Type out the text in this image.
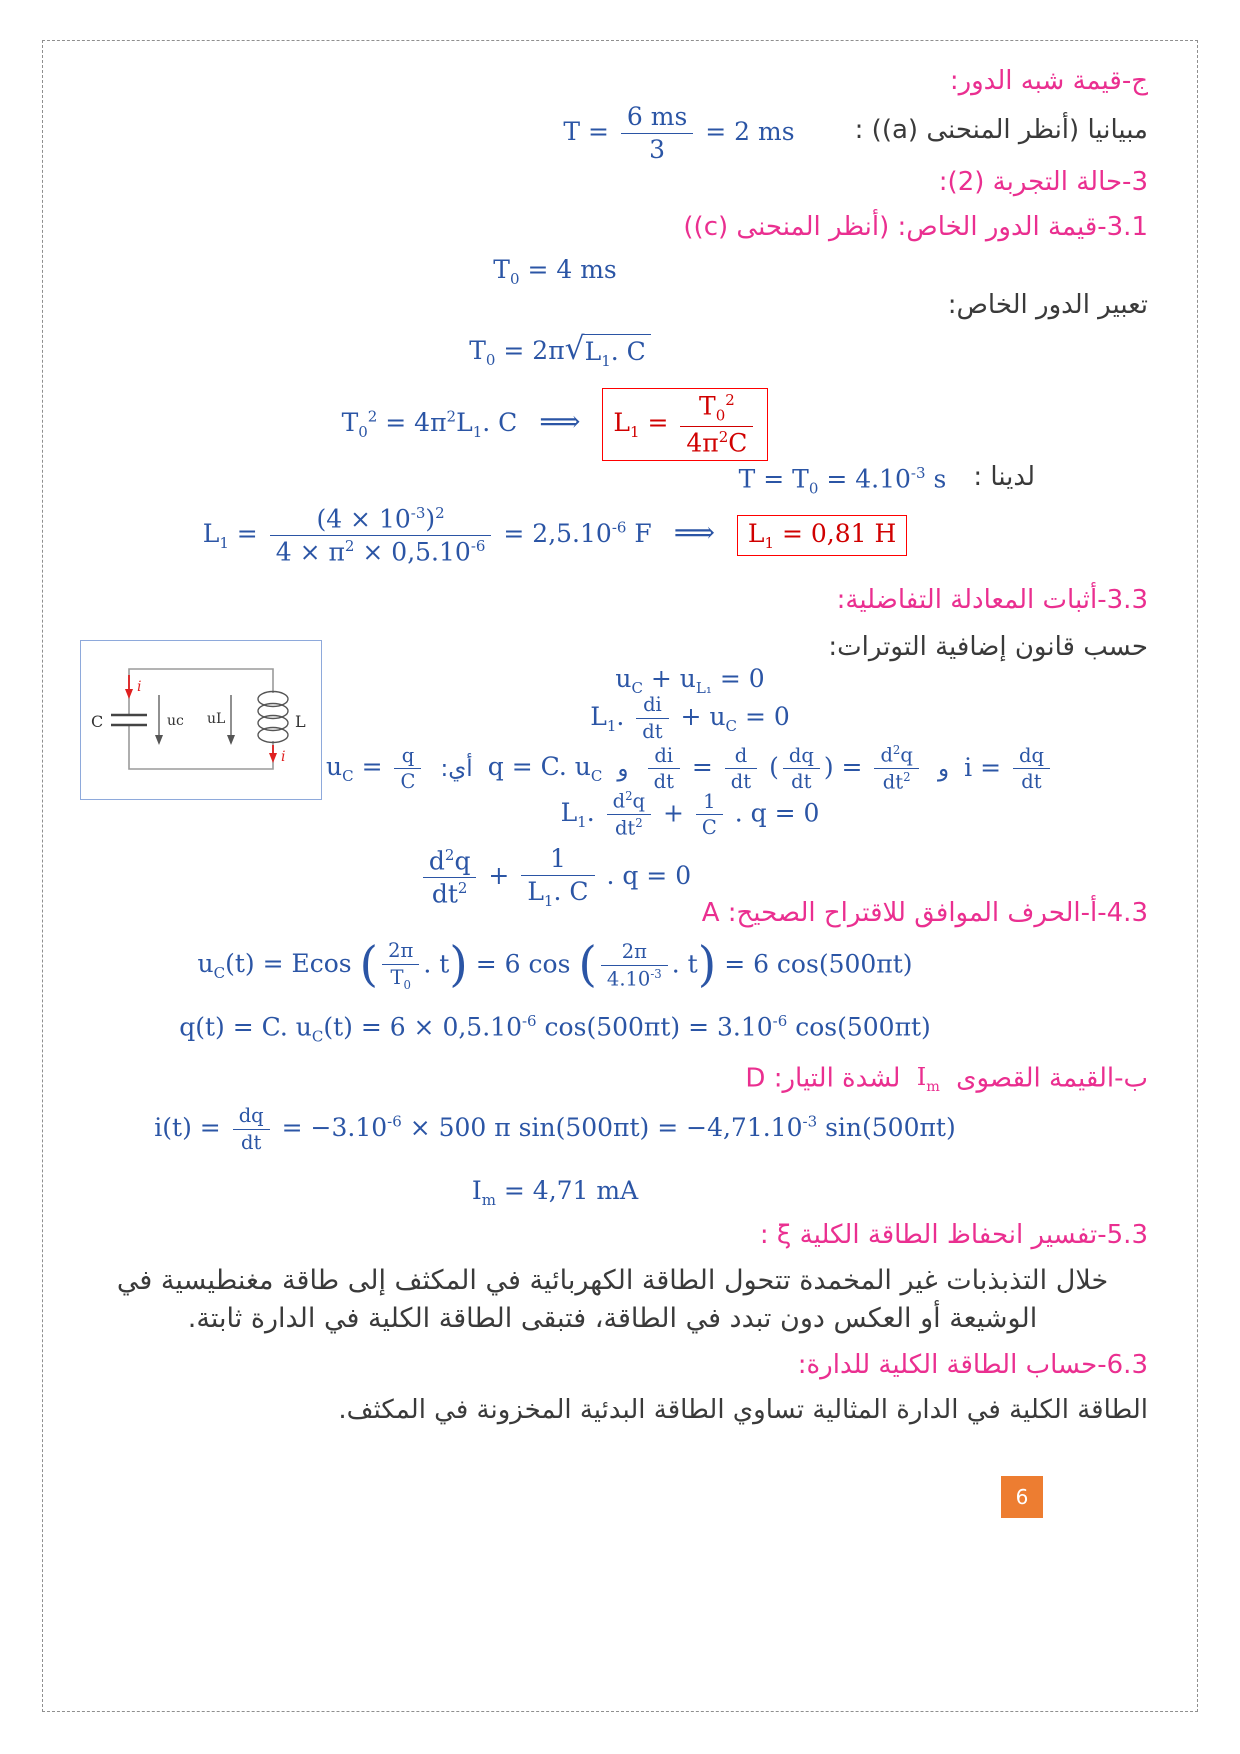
ج-قيمة شبه الدور:
مبيانيا (أنظر المنحنى (a)) : $T = \frac{6 ms}{3} = 2$ ms
3-حالة التجربة (2):
3.1-قيمة الدور الخاص: (أنظر المنحنى (c))
$T_0 = 4$ ms
تعبير الدور الخاص:
$T_0 = 2\pi$ √ $L_1$. C
$T_0^2 = 4\pi^2L_1$. C ⟹ $L_1 = \frac{T_0^2}{4\pi^2C}$
لدينا : $T = T_0 = 4.10^{-3}$ s
$L_1 = \frac{(4 \times 10^{-3})^2}{4 \times \pi^2 \times 0,5.10^{-6}} = 2,5.10^{-6}$ F ⟹ $L_1 = 0,81$ H
3.3-أثبات المعادلة التفاضلية:
حسب قانون إضافية التوترات:
C	uc uL	L
i
i
$u_C + u_{L_1} = 0$
$L_1$. $\frac{di}{dt} + u_C = 0$
$i = \frac{dq}{dt}$
و
$\frac{di}{dt} = \frac{d}{dt}$ ( $\frac{dq}{dt}$ ) = $\frac{d^2q}{dt^2}$
و q = C. $u_C$ أي: $u_C = \frac{q}{C}$
$L_1$. $\frac{d^2q}{dt^2} + \frac{1}{C}$ . q = 0
$\frac{d^2q}{dt^2} + \frac{1}{L_1. C}$ . q = 0
4.3-أ-الحرف الموافق للاقتراح الصحيح: A
$u_C(t) = Ecos$ ( $\frac{2\pi}{T_0}$ . t) = 6 cos ( $\frac{2\pi}{4.10^{-3}}$ . t) = 6 cos(500πt)
q(t) = C. $u_C(t) = 6 \times 0,5.10^{-6}$ $\cos(500\pi t) = 3.10^{-6}$ cos(500πt)
ب-القيمة القصوى $I_m$ لشدة التيار: D
$i(t) = \frac{dq}{dt} = -3.10^{-6} \times 500$ π $\sin(500\pi t) = -4,71.10^{-3}$ sin(500πt)
$I_m = 4,71$ mA
5.3-تفسير انحفاظ الطاقة الكلية ξ :
خلال التذبذبات غير المخمدة تتحول الطاقة الكهربائية في المكثف إلى طاقة مغنطيسية في الوشيعة أو العكس دون تبدد في الطاقة، فتبقى الطاقة الكلية في الدارة ثابتة.
6.3-حساب الطاقة الكلية للدارة:
الطاقة الكلية في الدارة المثالية تساوي الطاقة البدئية المخزونة في المكثف.
6
